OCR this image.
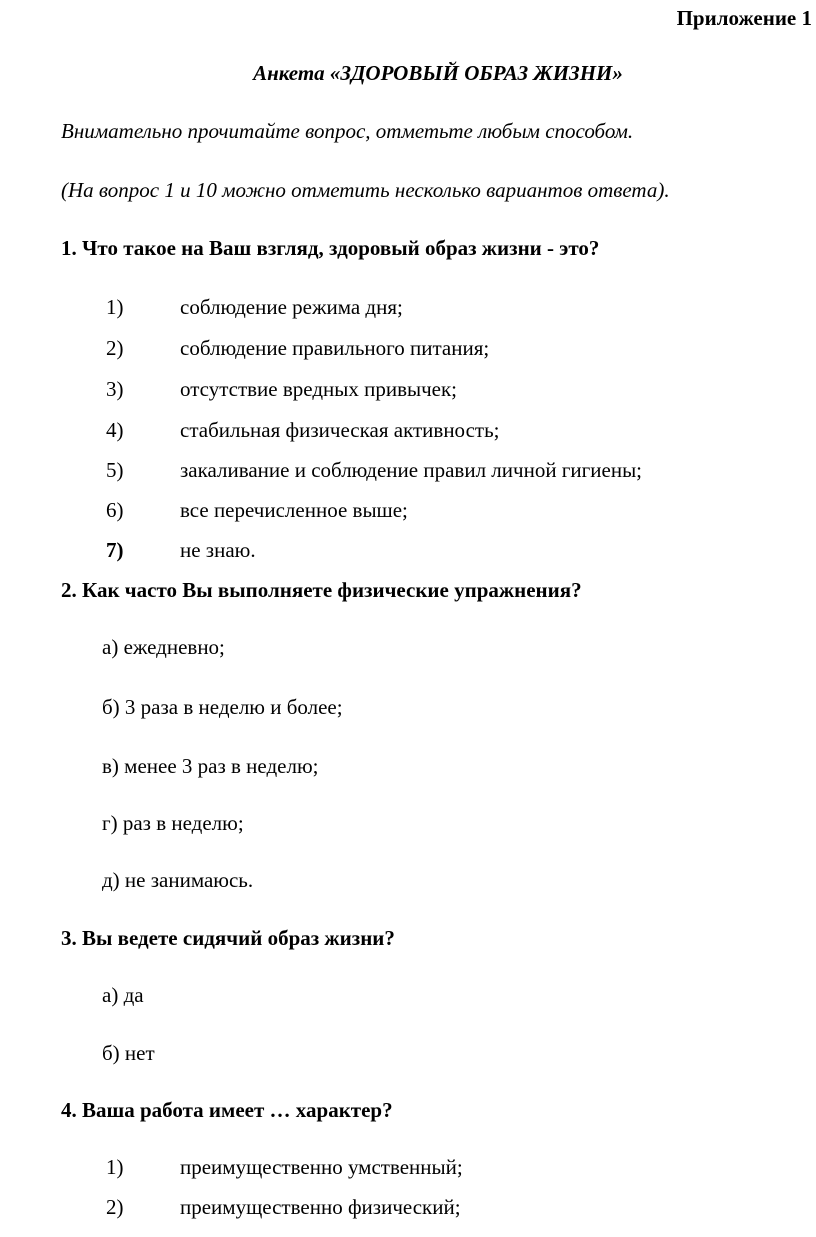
Приложение 1
Анкета «ЗДОРОВЫЙ ОБРАЗ ЖИЗНИ»
Внимательно прочитайте вопрос, отметьте любым способом.
(На вопрос 1 и 10 можно отметить несколько вариантов ответа).
1. Что такое на Ваш взгляд, здоровый образ жизни - это?
1)	соблюдение режима дня;
2)	соблюдение правильного питания;
3)	отсутствие вредных привычек;
4)	стабильная физическая активность;
5)	закаливание и соблюдение правил личной гигиены;
6)	все перечисленное выше;
7)	не знаю.
2. Как часто Вы выполняете физические упражнения?
а) ежедневно;
б) 3 раза в неделю и более;
в) менее 3 раз в неделю;
г) раз в неделю;
д) не занимаюсь.
3. Вы ведете сидячий образ жизни?
а) да
б) нет
4. Ваша работа имеет … характер?
1)	преимущественно умственный;
2)	преимущественно физический;
